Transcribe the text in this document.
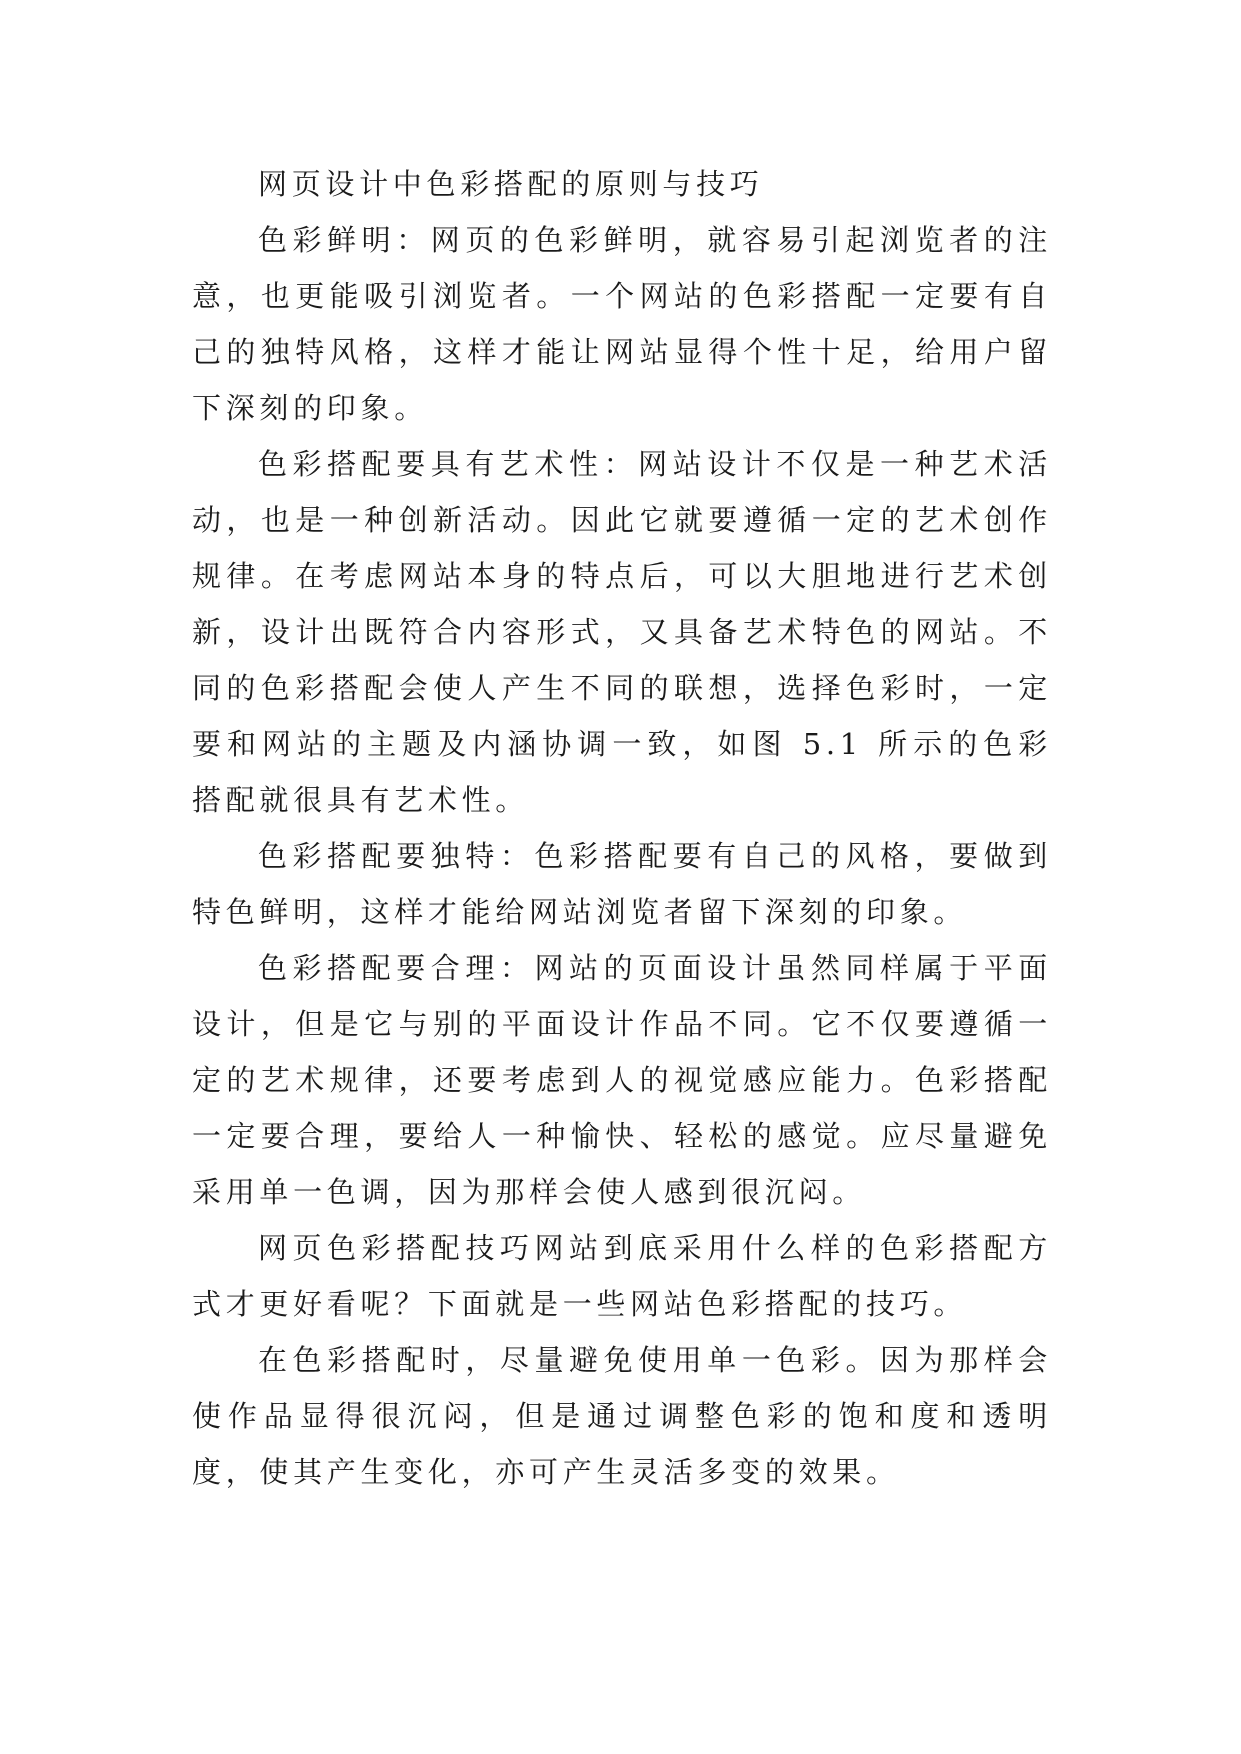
网页设计中色彩搭配的原则与技巧

色彩鲜明：网页的色彩鲜明，就容易引起浏览者的注意，也更能吸引浏览者。一个网站的色彩搭配一定要有自己的独特风格，这样才能让网站显得个性十足，给用户留下深刻的印象。

色彩搭配要具有艺术性：网站设计不仅是一种艺术活动，也是一种创新活动。因此它就要遵循一定的艺术创作规律。在考虑网站本身的特点后，可以大胆地进行艺术创新，设计出既符合内容形式，又具备艺术特色的网站。不同的色彩搭配会使人产生不同的联想，选择色彩时，一定要和网站的主题及内涵协调一致，如图 5.1 所示的色彩搭配就很具有艺术性。

色彩搭配要独特：色彩搭配要有自己的风格，要做到特色鲜明，这样才能给网站浏览者留下深刻的印象。

色彩搭配要合理：网站的页面设计虽然同样属于平面设计，但是它与别的平面设计作品不同。它不仅要遵循一定的艺术规律，还要考虑到人的视觉感应能力。色彩搭配一定要合理，要给人一种愉快、轻松的感觉。应尽量避免采用单一色调，因为那样会使人感到很沉闷。

网页色彩搭配技巧网站到底采用什么样的色彩搭配方式才更好看呢？下面就是一些网站色彩搭配的技巧。

在色彩搭配时，尽量避免使用单一色彩。因为那样会使作品显得很沉闷，但是通过调整色彩的饱和度和透明度，使其产生变化，亦可产生灵活多变的效果。
